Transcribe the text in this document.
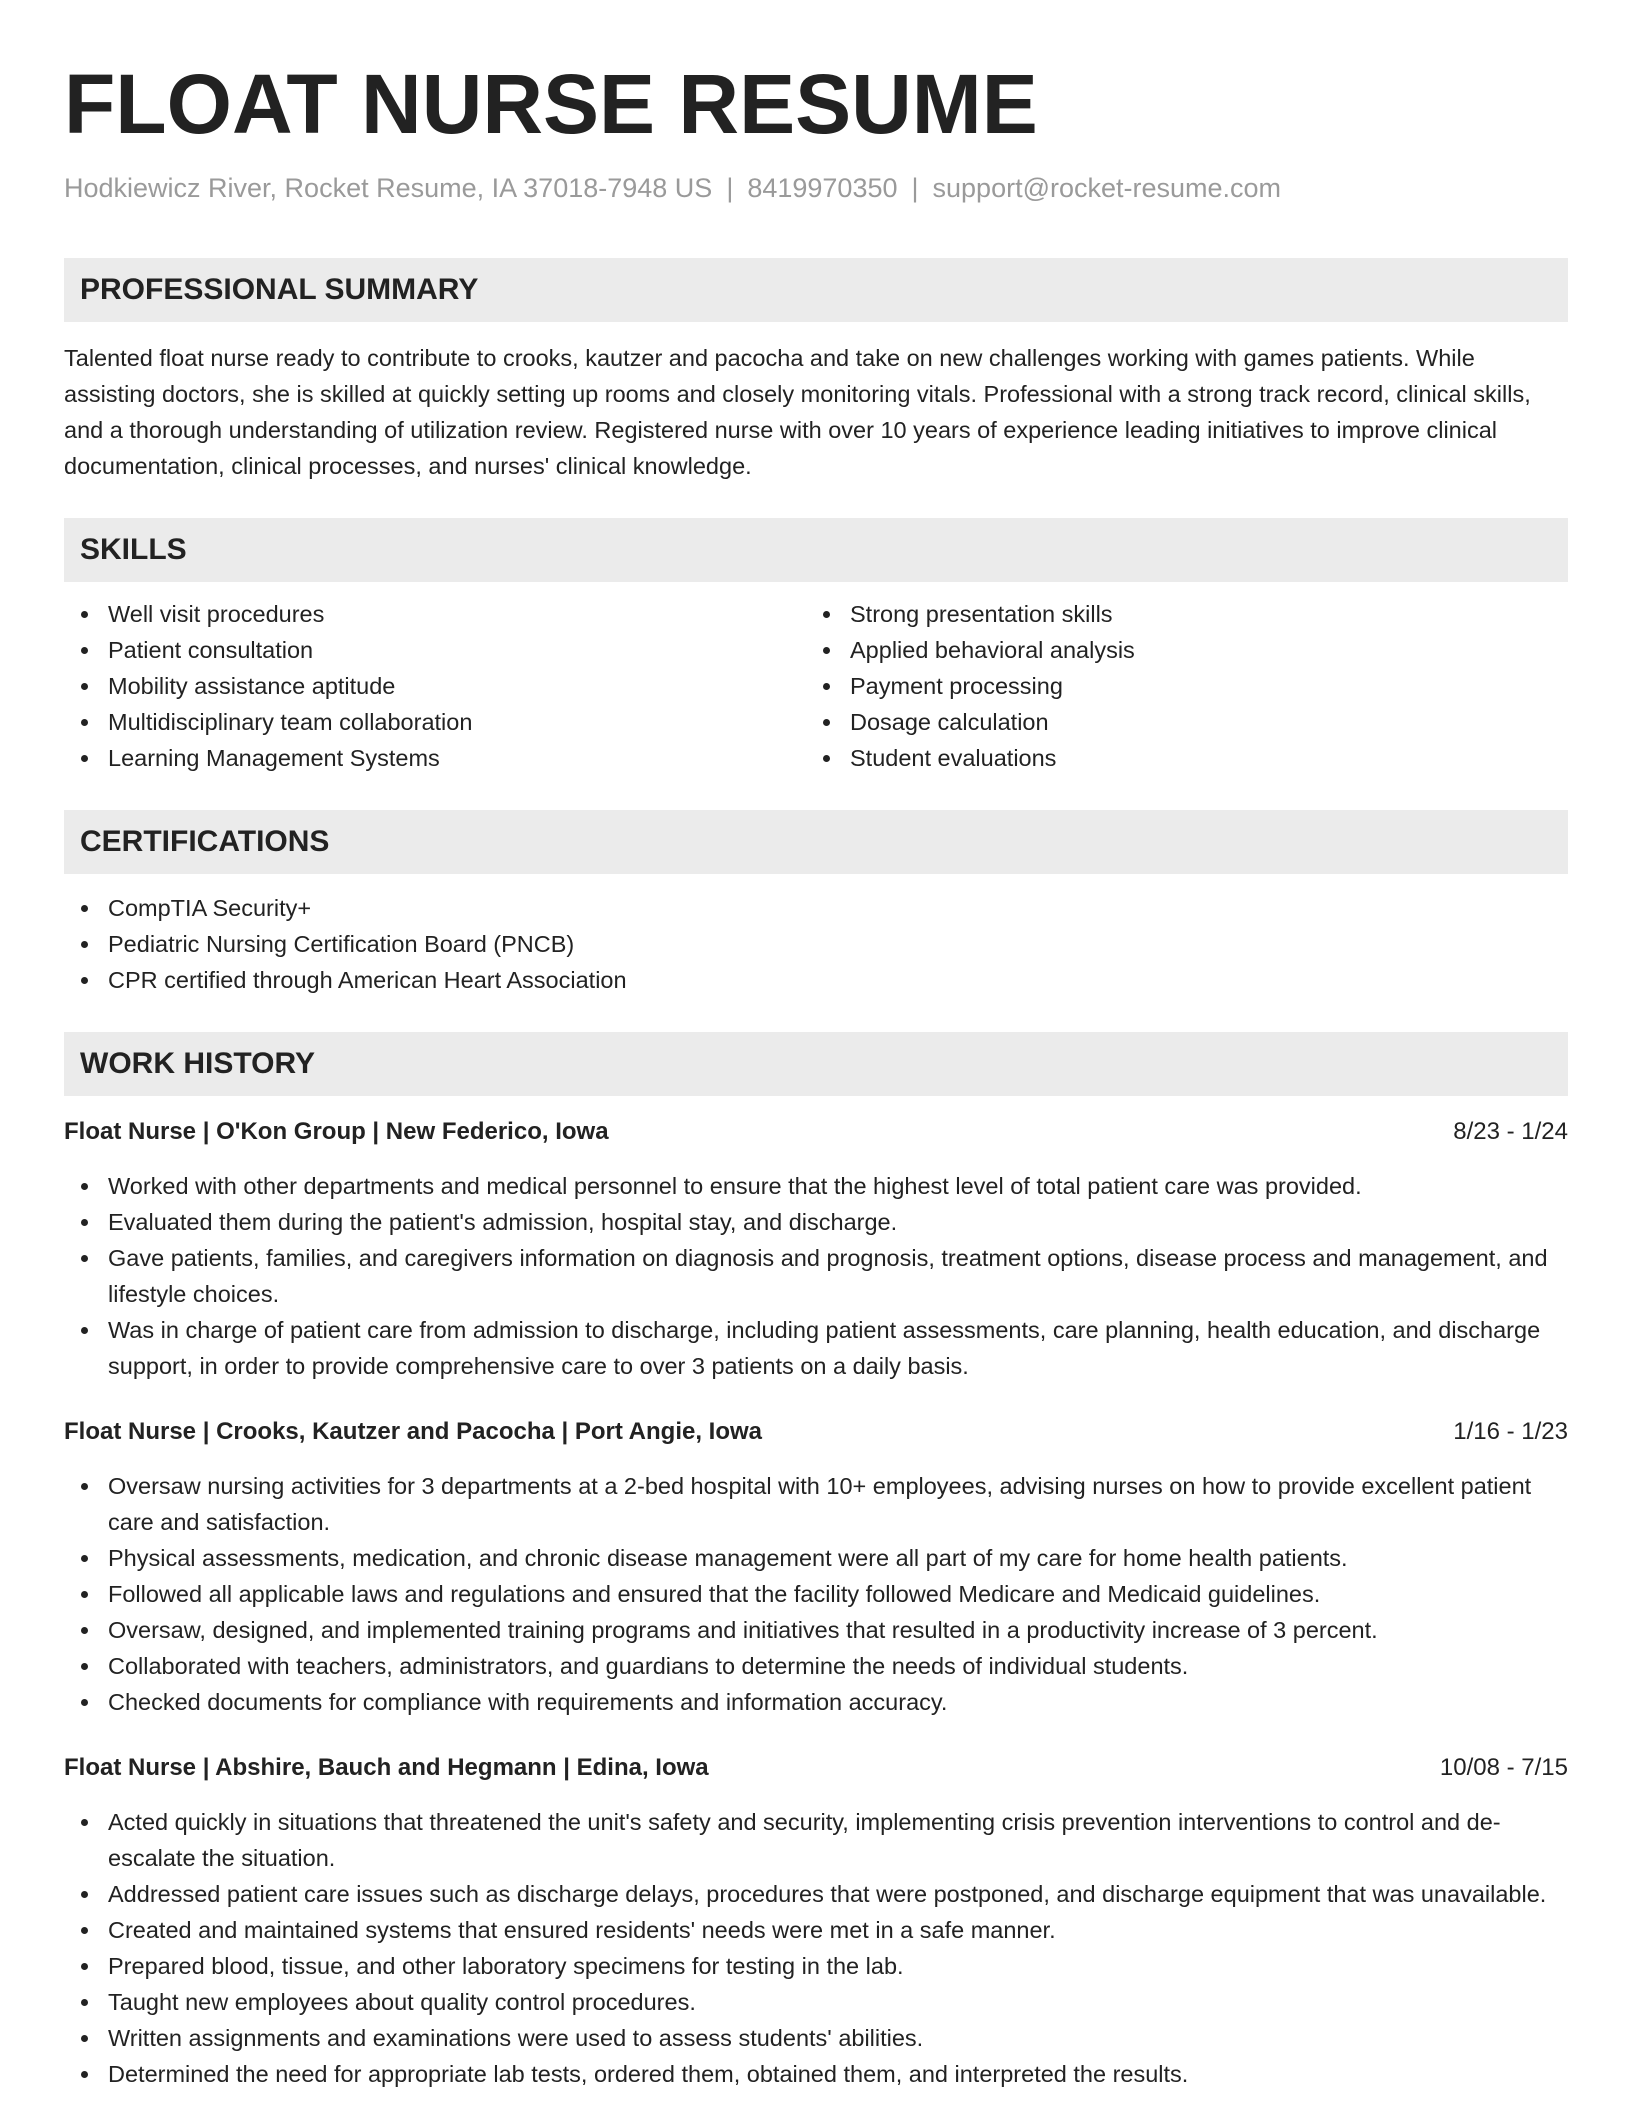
FLOAT NURSE RESUME
Hodkiewicz River, Rocket Resume, IA 37018-7948 US | 8419970350 | support@rocket-resume.com
PROFESSIONAL SUMMARY

Talented float nurse ready to contribute to crooks, kautzer and pacocha and take on new challenges working with games patients. While assisting doctors, she is skilled at quickly setting up rooms and closely monitoring vitals. Professional with a strong track record, clinical skills, and a thorough understanding of utilization review. Registered nurse with over 10 years of experience leading initiatives to improve clinical documentation, clinical processes, and nurses' clinical knowledge.

SKILLS
Well visit procedures
Patient consultation
Mobility assistance aptitude
Multidisciplinary team collaboration
Learning Management Systems
Strong presentation skills
Applied behavioral analysis
Payment processing
Dosage calculation
Student evaluations
CERTIFICATIONS
CompTIA Security+
Pediatric Nursing Certification Board (PNCB)
CPR certified through American Heart Association
WORK HISTORY
Float Nurse | O'Kon Group | New Federico, Iowa	8/23 - 1/24
Worked with other departments and medical personnel to ensure that the highest level of total patient care was provided.
Evaluated them during the patient's admission, hospital stay, and discharge.
Gave patients, families, and caregivers information on diagnosis and prognosis, treatment options, disease process and management, and lifestyle choices.
Was in charge of patient care from admission to discharge, including patient assessments, care planning, health education, and discharge support, in order to provide comprehensive care to over 3 patients on a daily basis.
Float Nurse | Crooks, Kautzer and Pacocha | Port Angie, Iowa	1/16 - 1/23
Oversaw nursing activities for 3 departments at a 2-bed hospital with 10+ employees, advising nurses on how to provide excellent patient care and satisfaction.
Physical assessments, medication, and chronic disease management were all part of my care for home health patients.
Followed all applicable laws and regulations and ensured that the facility followed Medicare and Medicaid guidelines.
Oversaw, designed, and implemented training programs and initiatives that resulted in a productivity increase of 3 percent.
Collaborated with teachers, administrators, and guardians to determine the needs of individual students.
Checked documents for compliance with requirements and information accuracy.
Float Nurse | Abshire, Bauch and Hegmann | Edina, Iowa	10/08 - 7/15
Acted quickly in situations that threatened the unit's safety and security, implementing crisis prevention interventions to control and de-escalate the situation.
Addressed patient care issues such as discharge delays, procedures that were postponed, and discharge equipment that was unavailable.
Created and maintained systems that ensured residents' needs were met in a safe manner.
Prepared blood, tissue, and other laboratory specimens for testing in the lab.
Taught new employees about quality control procedures.
Written assignments and examinations were used to assess students' abilities.
Determined the need for appropriate lab tests, ordered them, obtained them, and interpreted the results.
